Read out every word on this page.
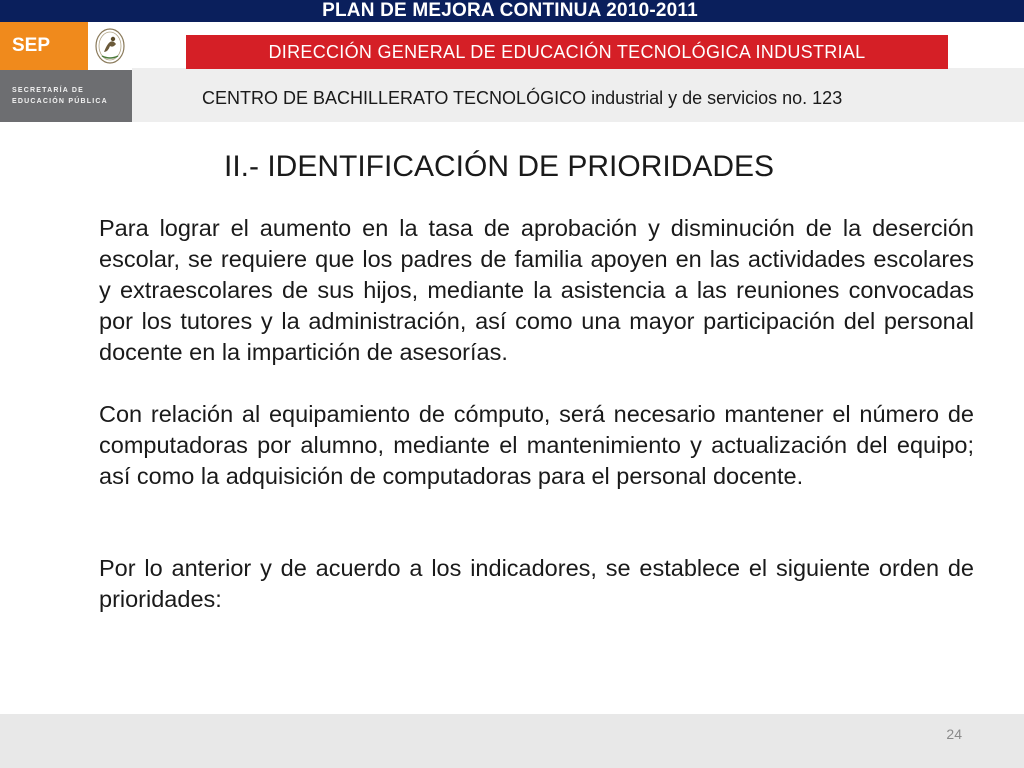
PLAN DE MEJORA CONTINUA 2010-2011
SEP
SECRETARÍA DE
EDUCACIÓN PÚBLICA	CENTRO DE BACHILLERATO TECNOLÓGICO industrial y de servicios no. 123
DIRECCIÓN GENERAL DE EDUCACIÓN TECNOLÓGICA INDUSTRIAL
II.- IDENTIFICACIÓN DE PRIORIDADES

Para lograr el aumento en la tasa de aprobación y disminución de la deserción escolar, se requiere que los padres de familia apoyen en las actividades escolares y extraescolares de sus hijos, mediante la asistencia a las reuniones convocadas por los tutores y la administración, así como una mayor participación del personal docente en la impartición de asesorías.

Con relación al equipamiento de cómputo, será necesario mantener el número de computadoras por alumno, mediante el mantenimiento y actualización del equipo; así como la adquisición de computadoras para el personal docente.

Por lo anterior y de acuerdo a los indicadores, se establece el siguiente orden de prioridades:

24
